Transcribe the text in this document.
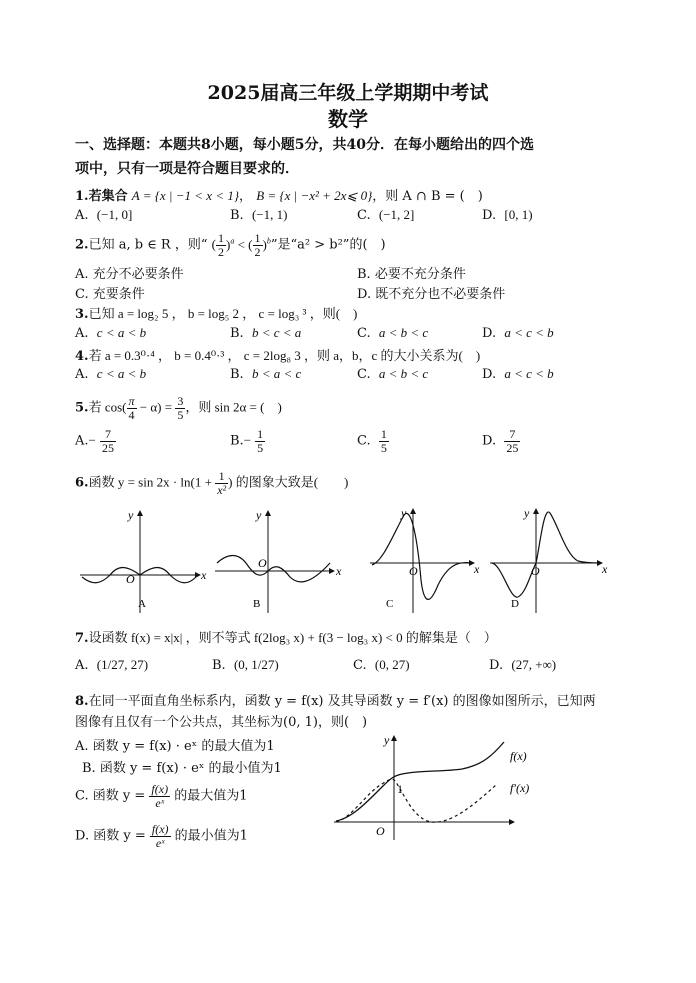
2025届高三年级上学期期中考试
数学
一、选择题：本题共8小题，每小题5分，共40分．在每小题给出的四个选
项中，只有一项是符合题目要求的．
1.若集合 A = {x | −1 < x < 1}， B = {x | −x² + 2x⩽ 0}，则 A ∩ B = (　)
A. (−1, 0]	B. (−1, 1)	C. (−1, 2]	D. [0, 1)
2.已知 a, b ∈ R ，则“ ( $\frac{1}{2} )^a$ < ( $\frac{1}{2} )^b$”是“a² > b²”的(　)
A. 充分不必要条件	B. 必要不充分条件
C. 充要条件	D. 既不充分也不必要条件
3.已知 a = log₂ 5 ， b = log₅ 2 ， c = log₃ ³ ，则(　)
A. c < a < b	B. b < c < a	C. a < b < c	D. a < c < b
4.若 a = 0.3⁰·⁴ ， b = 0.4⁰·³ ， c = 2log₈ 3 ，则 a，b，c 的大小关系为(　)
A. c < a < b	B. b < a < c	C. a < b < c	D. a < c < b
5.若 $\cos( \frac{\pi}{4} - \alpha) = \frac{3}{5}$ ，则 sin 2α = (　)
$A.- \frac{7}{25}$	$B.- \frac{1}{5}$	C. $\frac{1}{5}$	D. $\frac{7}{25}$
6.函数 $y = \sin 2x \cdot \ln(1 + \frac{1}{\text{x²}}$ ) 的图象大致是(　　)
x
y
O
A
x
y
O
B
x
y
O
C
x
y
O
D
7.设函数 f(x) = x|x| ，则不等式 f(2log₃ x) + f(3 − log₃ x) < 0 的解集是（　）
A. (1/27, 27)	B. (0, 1/27)	C. (0, 27)	D. (27, +∞)
8.在同一平面直角坐标系内，函数 y = f(x) 及其导函数 y = f′(x) 的图像如图所示，已知两
图像有且仅有一个公共点，其坐标为(0, 1)，则(　)
A. 函数 y = f(x) · eˣ 的最大值为1
B. 函数 y = f(x) · eˣ 的最小值为1
C. 函数 $y = \frac{f(x)}{\text{eˣ}}$ 的最大值为1
D. 函数 $y = \frac{f(x)}{\text{eˣ}}$ 的最小值为1
y
O
1
f(x)
f′(x)
